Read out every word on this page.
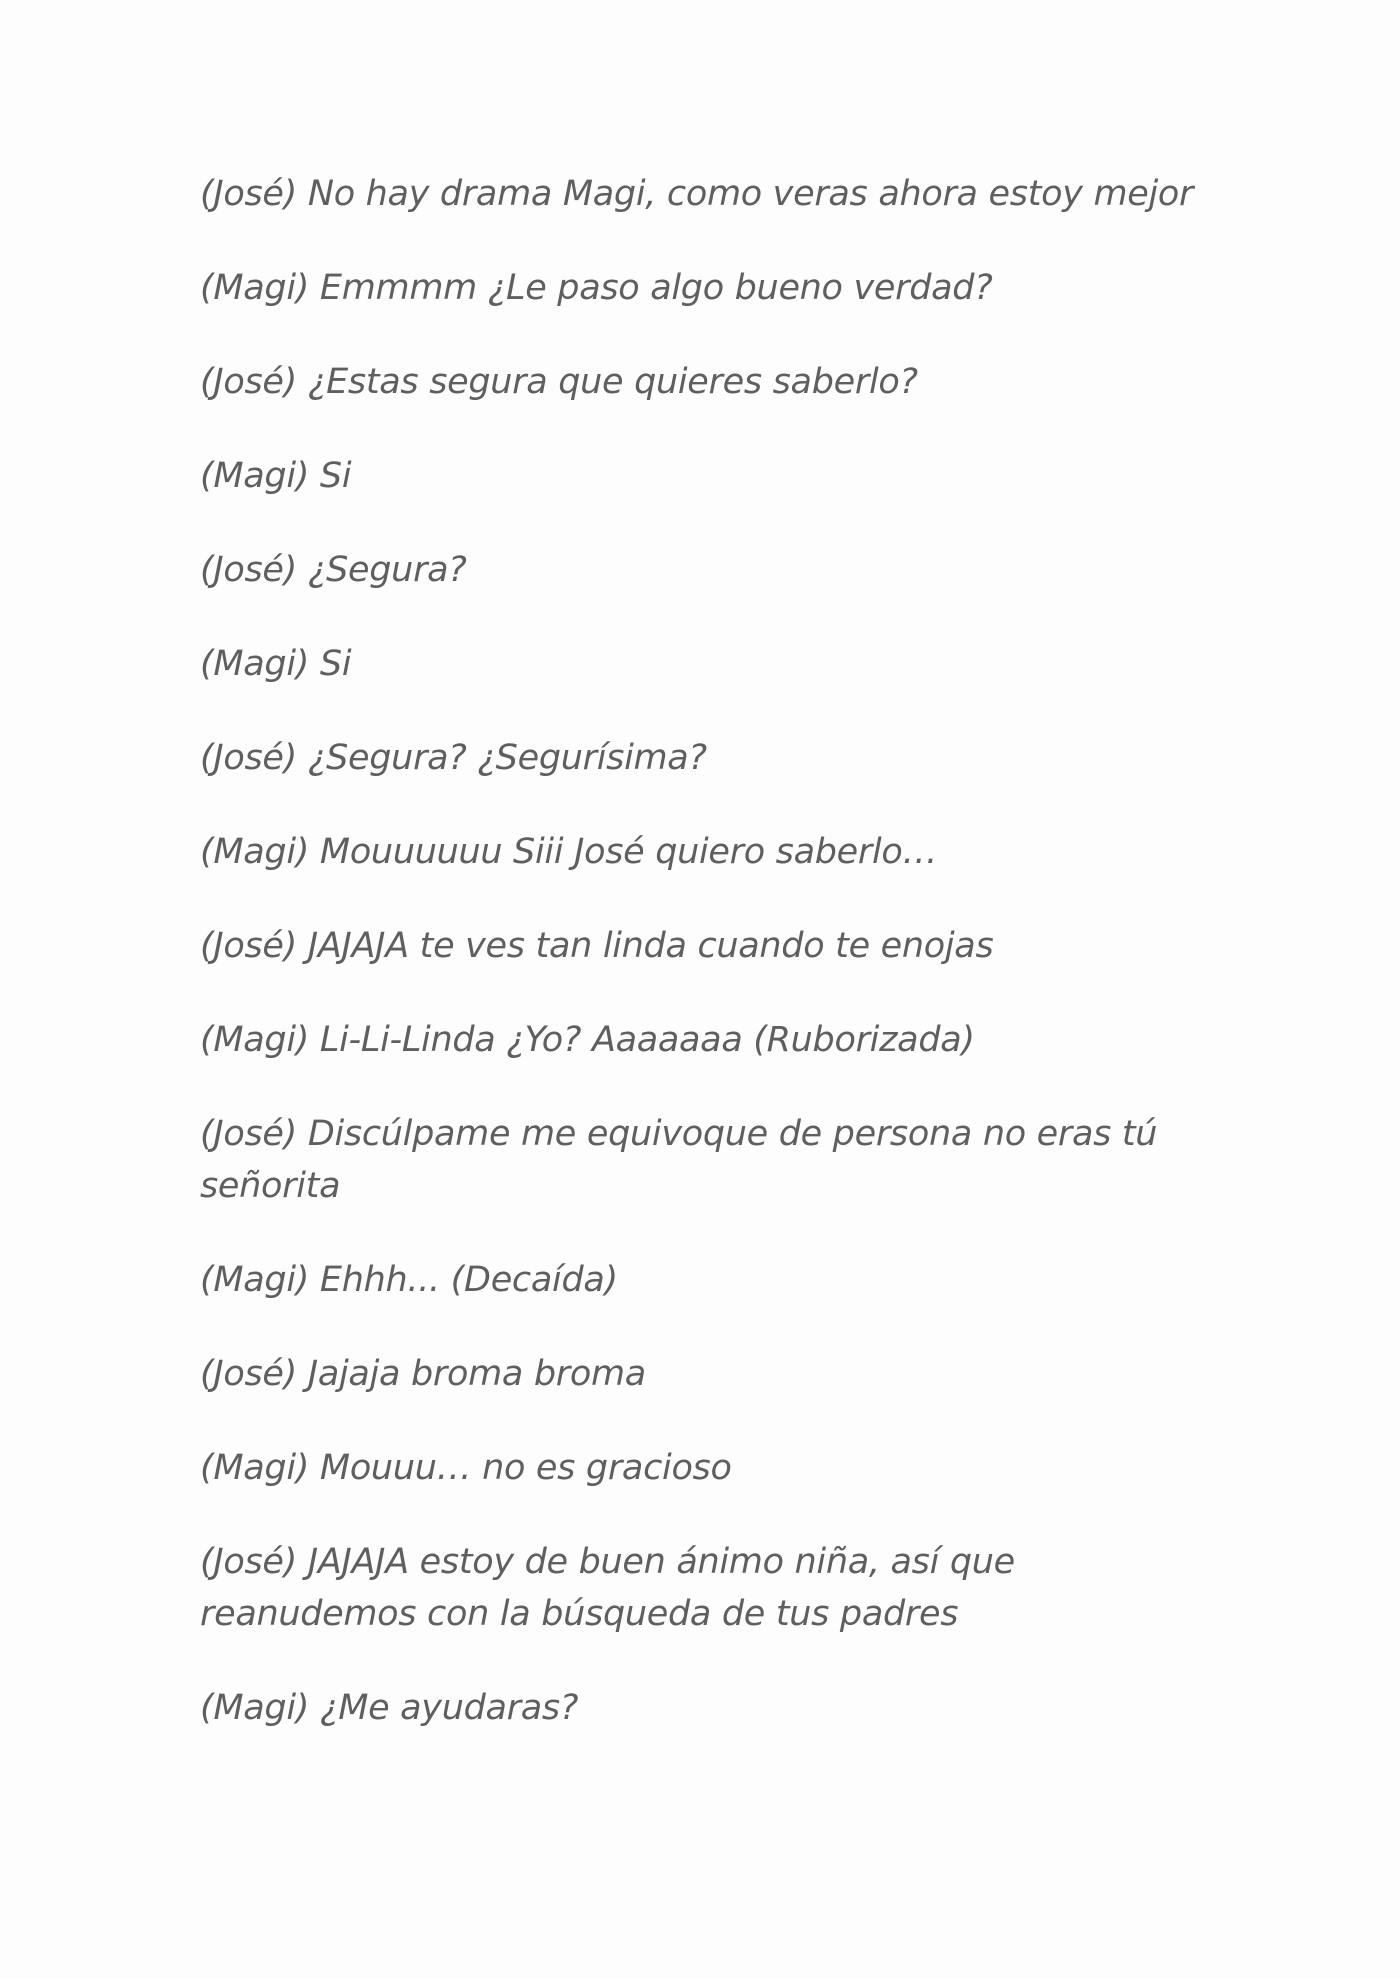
(José) No hay drama Magi, como veras ahora estoy mejor
(Magi) Emmmm ¿Le paso algo bueno verdad?
(José) ¿Estas segura que quieres saberlo?
(Magi) Si
(José) ¿Segura?
(Magi) Si
(José) ¿Segura? ¿Segurísima?
(Magi) Mouuuuuu Siii José quiero saberlo…
(José) JAJAJA te ves tan linda cuando te enojas
(Magi) Li-Li-Linda ¿Yo? Aaaaaaa (Ruborizada)
(José) Discúlpame me equivoque de persona no eras tú señorita
(Magi) Ehhh... (Decaída)
(José) Jajaja broma broma
(Magi) Mouuu… no es gracioso
(José) JAJAJA estoy de buen ánimo niña, así que reanudemos con la búsqueda de tus padres
(Magi) ¿Me ayudaras?
